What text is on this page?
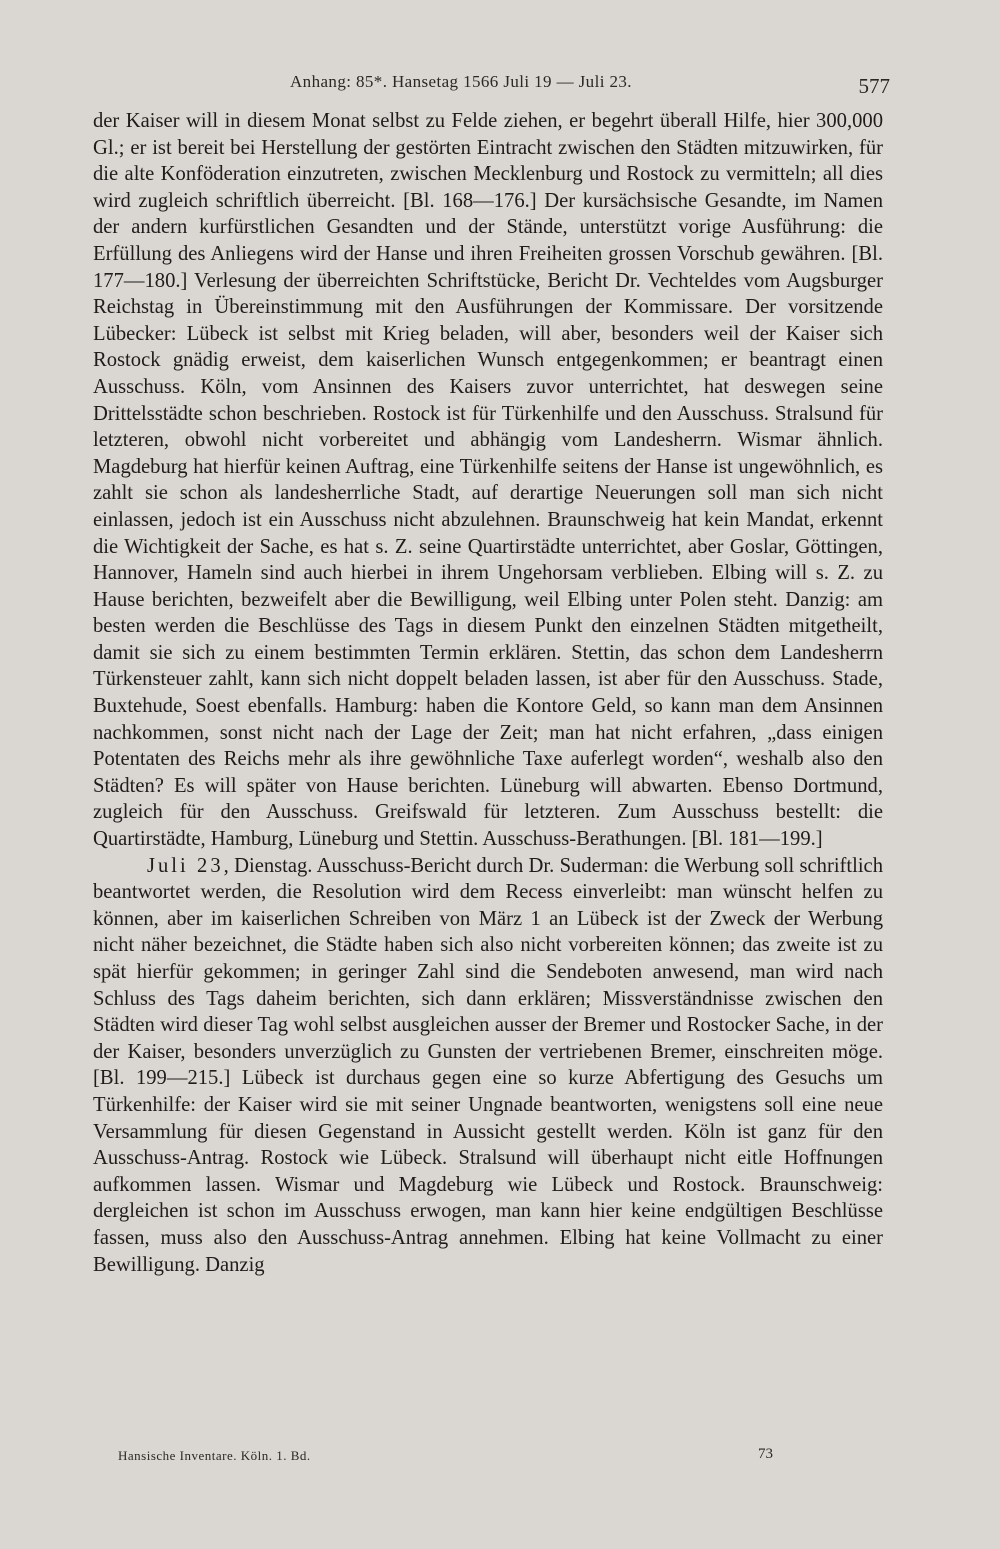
Anhang: 85*. Hansetag 1566 Juli 19 — Juli 23.	577

der Kaiser will in diesem Monat selbst zu Felde ziehen, er begehrt überall Hilfe, hier 300,000 Gl.; er ist bereit bei Herstellung der gestörten Eintracht zwischen den Städten mitzuwirken, für die alte Konföderation einzutreten, zwischen Mecklenburg und Rostock zu vermitteln; all dies wird zugleich schriftlich überreicht. [Bl. 168—176.] Der kursächsische Gesandte, im Namen der andern kurfürstlichen Gesandten und der Stände, unterstützt vorige Ausführung: die Erfüllung des Anliegens wird der Hanse und ihren Freiheiten grossen Vorschub gewähren. [Bl. 177—180.] Verlesung der überreichten Schriftstücke, Bericht Dr. Vechteldes vom Augsburger Reichstag in Übereinstimmung mit den Ausführungen der Kommissare. Der vorsitzende Lübecker: Lübeck ist selbst mit Krieg beladen, will aber, besonders weil der Kaiser sich Rostock gnädig erweist, dem kaiserlichen Wunsch entgegenkommen; er beantragt einen Ausschuss. Köln, vom Ansinnen des Kaisers zuvor unterrichtet, hat deswegen seine Drittelsstädte schon beschrieben. Rostock ist für Türkenhilfe und den Ausschuss. Stralsund für letzteren, obwohl nicht vorbereitet und abhängig vom Landesherrn. Wismar ähnlich. Magdeburg hat hierfür keinen Auftrag, eine Türkenhilfe seitens der Hanse ist ungewöhnlich, es zahlt sie schon als landesherrliche Stadt, auf derartige Neuerungen soll man sich nicht einlassen, jedoch ist ein Ausschuss nicht abzulehnen. Braunschweig hat kein Mandat, erkennt die Wichtigkeit der Sache, es hat s. Z. seine Quartirstädte unterrichtet, aber Goslar, Göttingen, Hannover, Hameln sind auch hierbei in ihrem Ungehorsam verblieben. Elbing will s. Z. zu Hause berichten, bezweifelt aber die Bewilligung, weil Elbing unter Polen steht. Danzig: am besten werden die Beschlüsse des Tags in diesem Punkt den einzelnen Städten mitgetheilt, damit sie sich zu einem bestimmten Termin erklären. Stettin, das schon dem Landesherrn Türkensteuer zahlt, kann sich nicht doppelt beladen lassen, ist aber für den Ausschuss. Stade, Buxtehude, Soest ebenfalls. Hamburg: haben die Kontore Geld, so kann man dem Ansinnen nachkommen, sonst nicht nach der Lage der Zeit; man hat nicht erfahren, „dass einigen Potentaten des Reichs mehr als ihre gewöhnliche Taxe auferlegt worden“, weshalb also den Städten? Es will später von Hause berichten. Lüneburg will abwarten. Ebenso Dortmund, zugleich für den Ausschuss. Greifswald für letzteren. Zum Ausschuss bestellt: die Quartirstädte, Hamburg, Lüneburg und Stettin. Ausschuss-Berathungen. [Bl. 181—199.]

Juli 23, Dienstag. Ausschuss-Bericht durch Dr. Suderman: die Werbung soll schriftlich beantwortet werden, die Resolution wird dem Recess einverleibt: man wünscht helfen zu können, aber im kaiserlichen Schreiben von März 1 an Lübeck ist der Zweck der Werbung nicht näher bezeichnet, die Städte haben sich also nicht vorbereiten können; das zweite ist zu spät hierfür gekommen; in geringer Zahl sind die Sendeboten anwesend, man wird nach Schluss des Tags daheim berichten, sich dann erklären; Missverständnisse zwischen den Städten wird dieser Tag wohl selbst ausgleichen ausser der Bremer und Rostocker Sache, in der der Kaiser, besonders unverzüglich zu Gunsten der vertriebenen Bremer, einschreiten möge. [Bl. 199—215.] Lübeck ist durchaus gegen eine so kurze Abfertigung des Gesuchs um Türkenhilfe: der Kaiser wird sie mit seiner Ungnade beantworten, wenigstens soll eine neue Versammlung für diesen Gegenstand in Aussicht gestellt werden. Köln ist ganz für den Ausschuss-Antrag. Rostock wie Lübeck. Stralsund will überhaupt nicht eitle Hoffnungen aufkommen lassen. Wismar und Magdeburg wie Lübeck und Rostock. Braunschweig: dergleichen ist schon im Ausschuss erwogen, man kann hier keine endgültigen Beschlüsse fassen, muss also den Ausschuss-Antrag annehmen. Elbing hat keine Vollmacht zu einer Bewilligung. Danzig

Hansische Inventare. Köln. 1. Bd.	73
